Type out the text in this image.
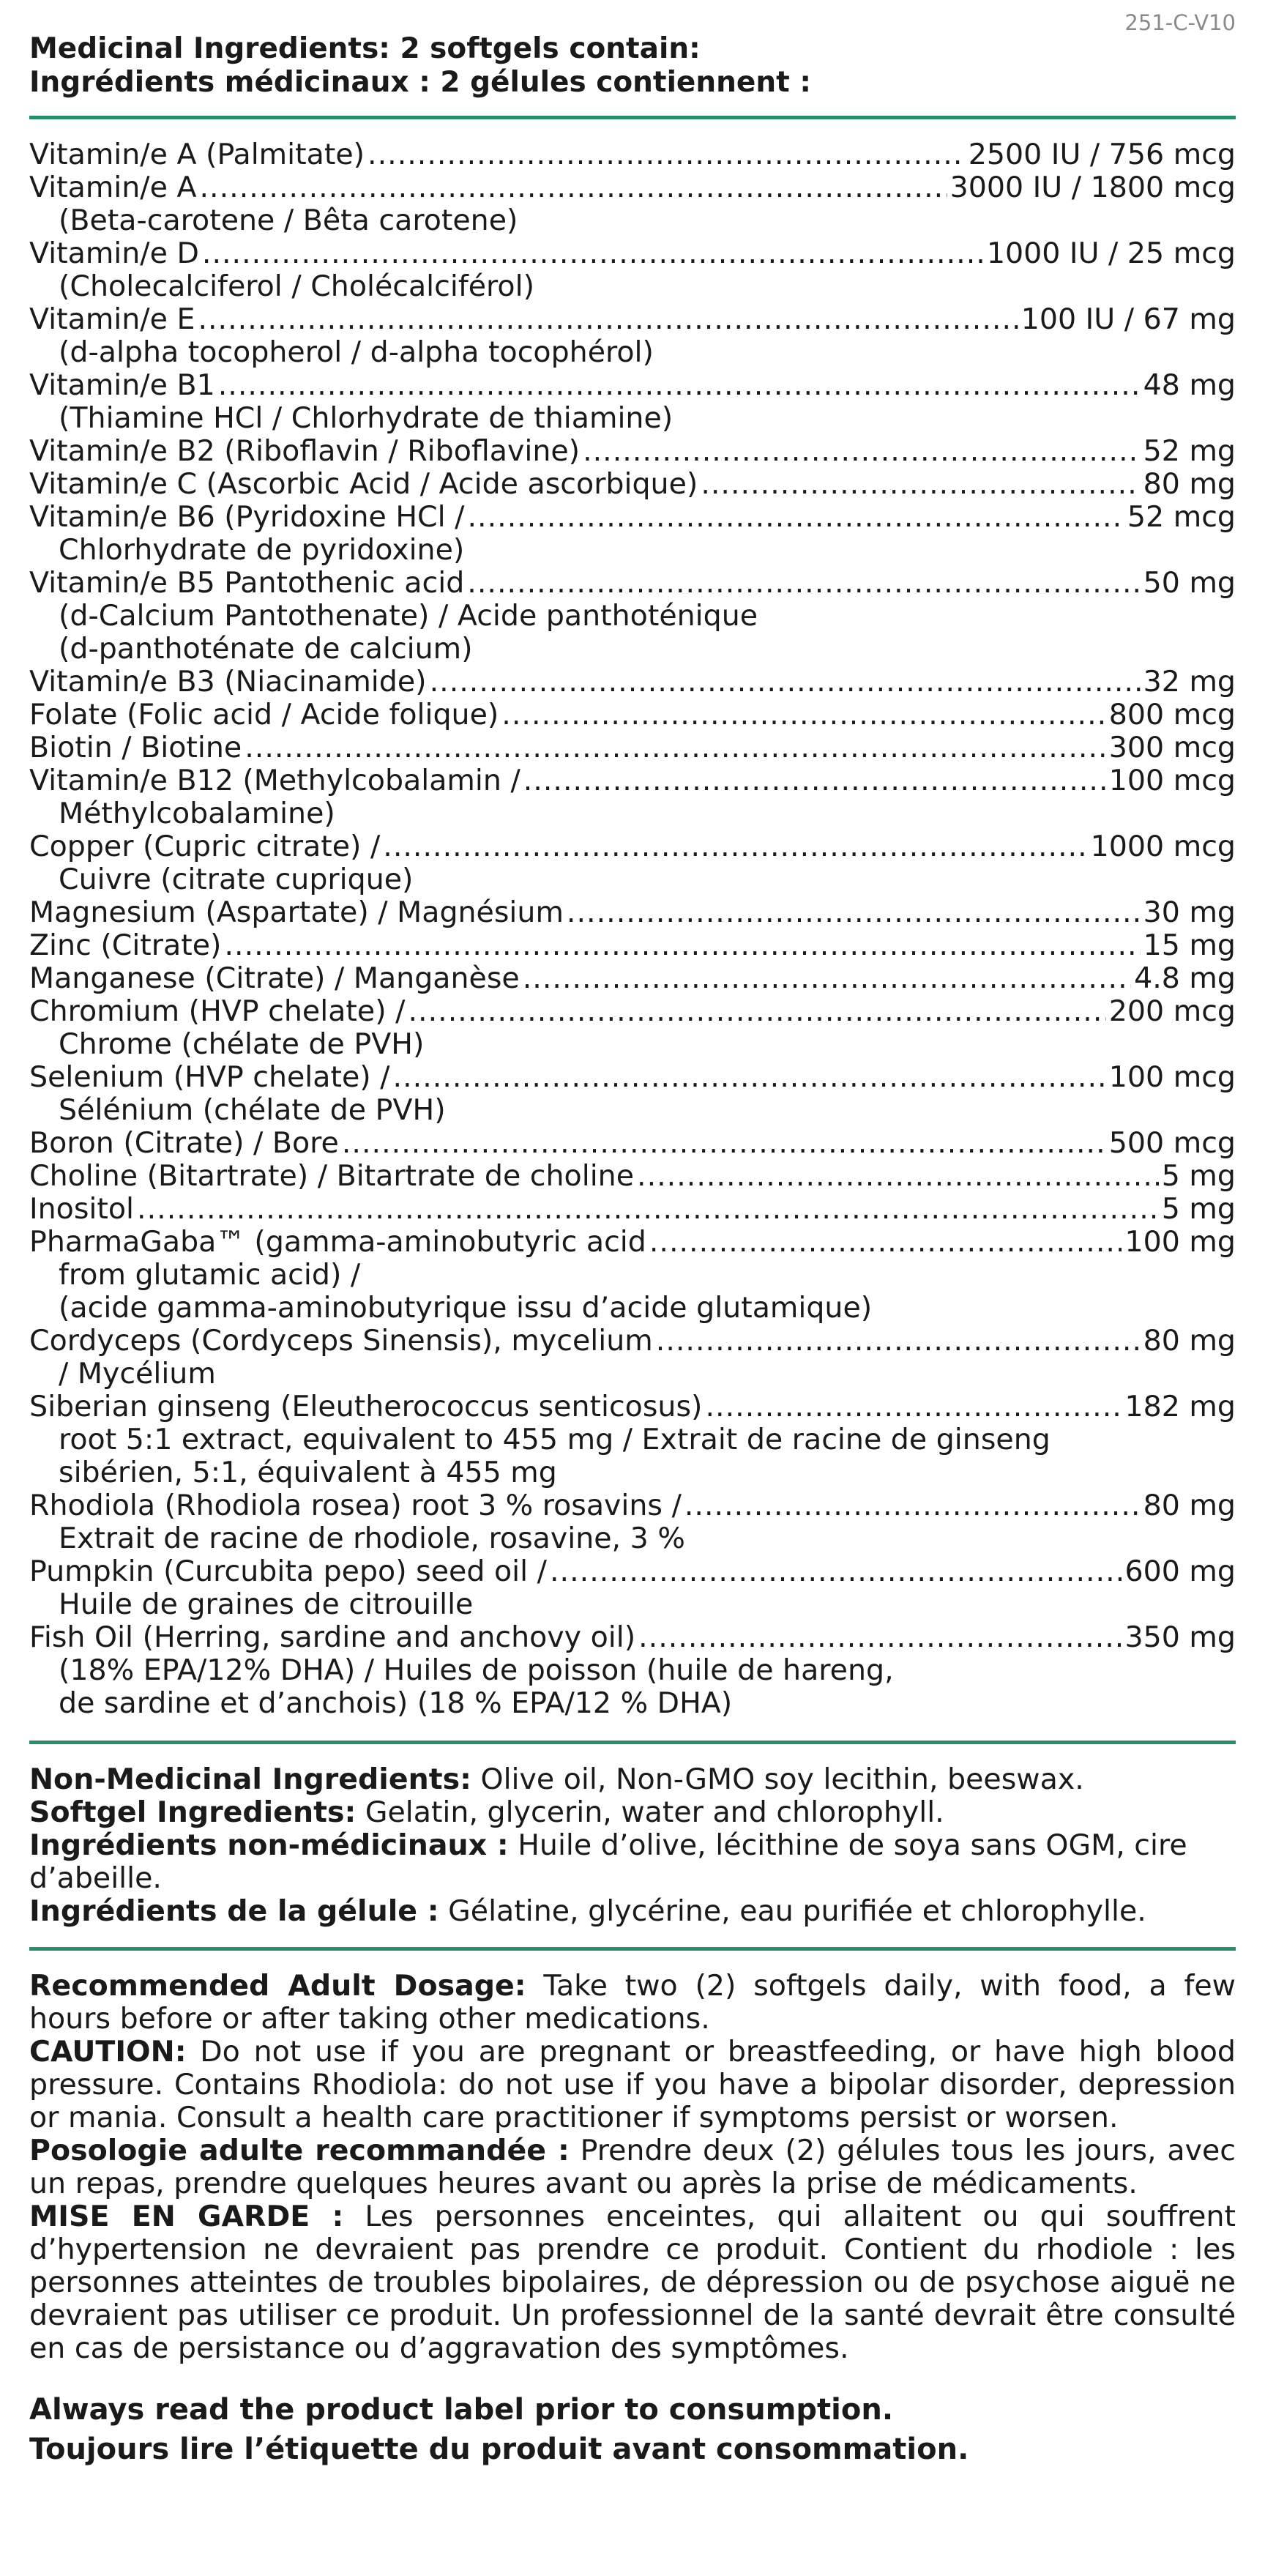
251-C-V10
Medicinal Ingredients: 2 softgels contain:
Ingrédients médicinaux : 2 gélules contiennent :
Vitamin/e A (Palmitate) .....	2500 IU / 756 mcg
Vitamin/e A .....	3000 IU / 1800 mcg
(Beta-carotene / Bêta carotene)
Vitamin/e D .....	1000 IU / 25 mcg
(Cholecalciferol / Cholécalciférol)
Vitamin/e E .....	100 IU / 67 mg
(d-alpha tocopherol / d-alpha tocophérol)
Vitamin/e B1 .....	48 mg
(Thiamine HCl / Chlorhydrate de thiamine)
Vitamin/e B2 (Riboflavin / Riboflavine) .....	52 mg
Vitamin/e C (Ascorbic Acid / Acide ascorbique) .....	80 mg
Vitamin/e B6 (Pyridoxine HCl / .....	52 mcg
Chlorhydrate de pyridoxine)
Vitamin/e B5 Pantothenic acid .....	50 mg
(d-Calcium Pantothenate) / Acide panthoténique
(d-panthoténate de calcium)
Vitamin/e B3 (Niacinamide) .....	32 mg
Folate (Folic acid / Acide folique) .....	800 mcg
Biotin / Biotine .....	300 mcg
Vitamin/e B12 (Methylcobalamin / .....	100 mcg
Méthylcobalamine)
Copper (Cupric citrate) / .....	1000 mcg
Cuivre (citrate cuprique)
Magnesium (Aspartate) / Magnésium .....	30 mg
Zinc (Citrate) .....	15 mg
Manganese (Citrate) / Manganèse .....	4.8 mg
Chromium (HVP chelate) / .....	200 mcg
Chrome (chélate de PVH)
Selenium (HVP chelate) / .....	100 mcg
Sélénium (chélate de PVH)
Boron (Citrate) / Bore .....	500 mcg
Choline (Bitartrate) / Bitartrate de choline .....	5 mg
Inositol .....	5 mg
PharmaGaba™ (gamma-aminobutyric acid .....	100 mg
from glutamic acid) /
(acide gamma-aminobutyrique issu d’acide glutamique)
Cordyceps (Cordyceps Sinensis), mycelium .....	80 mg
/ Mycélium
Siberian ginseng (Eleutherococcus senticosus) .....	182 mg
root 5:1 extract, equivalent to 455 mg / Extrait de racine de ginseng
sibérien, 5:1, équivalent à 455 mg
Rhodiola (Rhodiola rosea) root 3 % rosavins / .....	80 mg
Extrait de racine de rhodiole, rosavine, 3 %
Pumpkin (Curcubita pepo) seed oil / .....	600 mg
Huile de graines de citrouille
Fish Oil (Herring, sardine and anchovy oil) .....	350 mg
(18% EPA/12% DHA) / Huiles de poisson (huile de hareng,
de sardine et d’anchois) (18 % EPA/12 % DHA)
Non-Medicinal Ingredients: Olive oil, Non-GMO soy lecithin, beeswax.
Softgel Ingredients: Gelatin, glycerin, water and chlorophyll.
Ingrédients non-médicinaux : Huile d’olive, lécithine de soya sans OGM, cire d’abeille.
Ingrédients de la gélule : Gélatine, glycérine, eau purifiée et chlorophylle.

Recommended Adult Dosage: Take two (2) softgels daily, with food, a few hours before or after taking other medications.

CAUTION: Do not use if you are pregnant or breastfeeding, or have high blood pressure. Contains Rhodiola: do not use if you have a bipolar disorder, depression or mania. Consult a health care practitioner if symptoms persist or worsen.

Posologie adulte recommandée : Prendre deux (2) gélules tous les jours, avec un repas, prendre quelques heures avant ou après la prise de médicaments.

MISE EN GARDE : Les personnes enceintes, qui allaitent ou qui souffrent d’hypertension ne devraient pas prendre ce produit. Contient du rhodiole : les personnes atteintes de troubles bipolaires, de dépression ou de psychose aiguë ne devraient pas utiliser ce produit. Un professionnel de la santé devrait être consulté en cas de persistance ou d’aggravation des symptômes.

Always read the product label prior to consumption.
Toujours lire l’étiquette du produit avant consommation.
